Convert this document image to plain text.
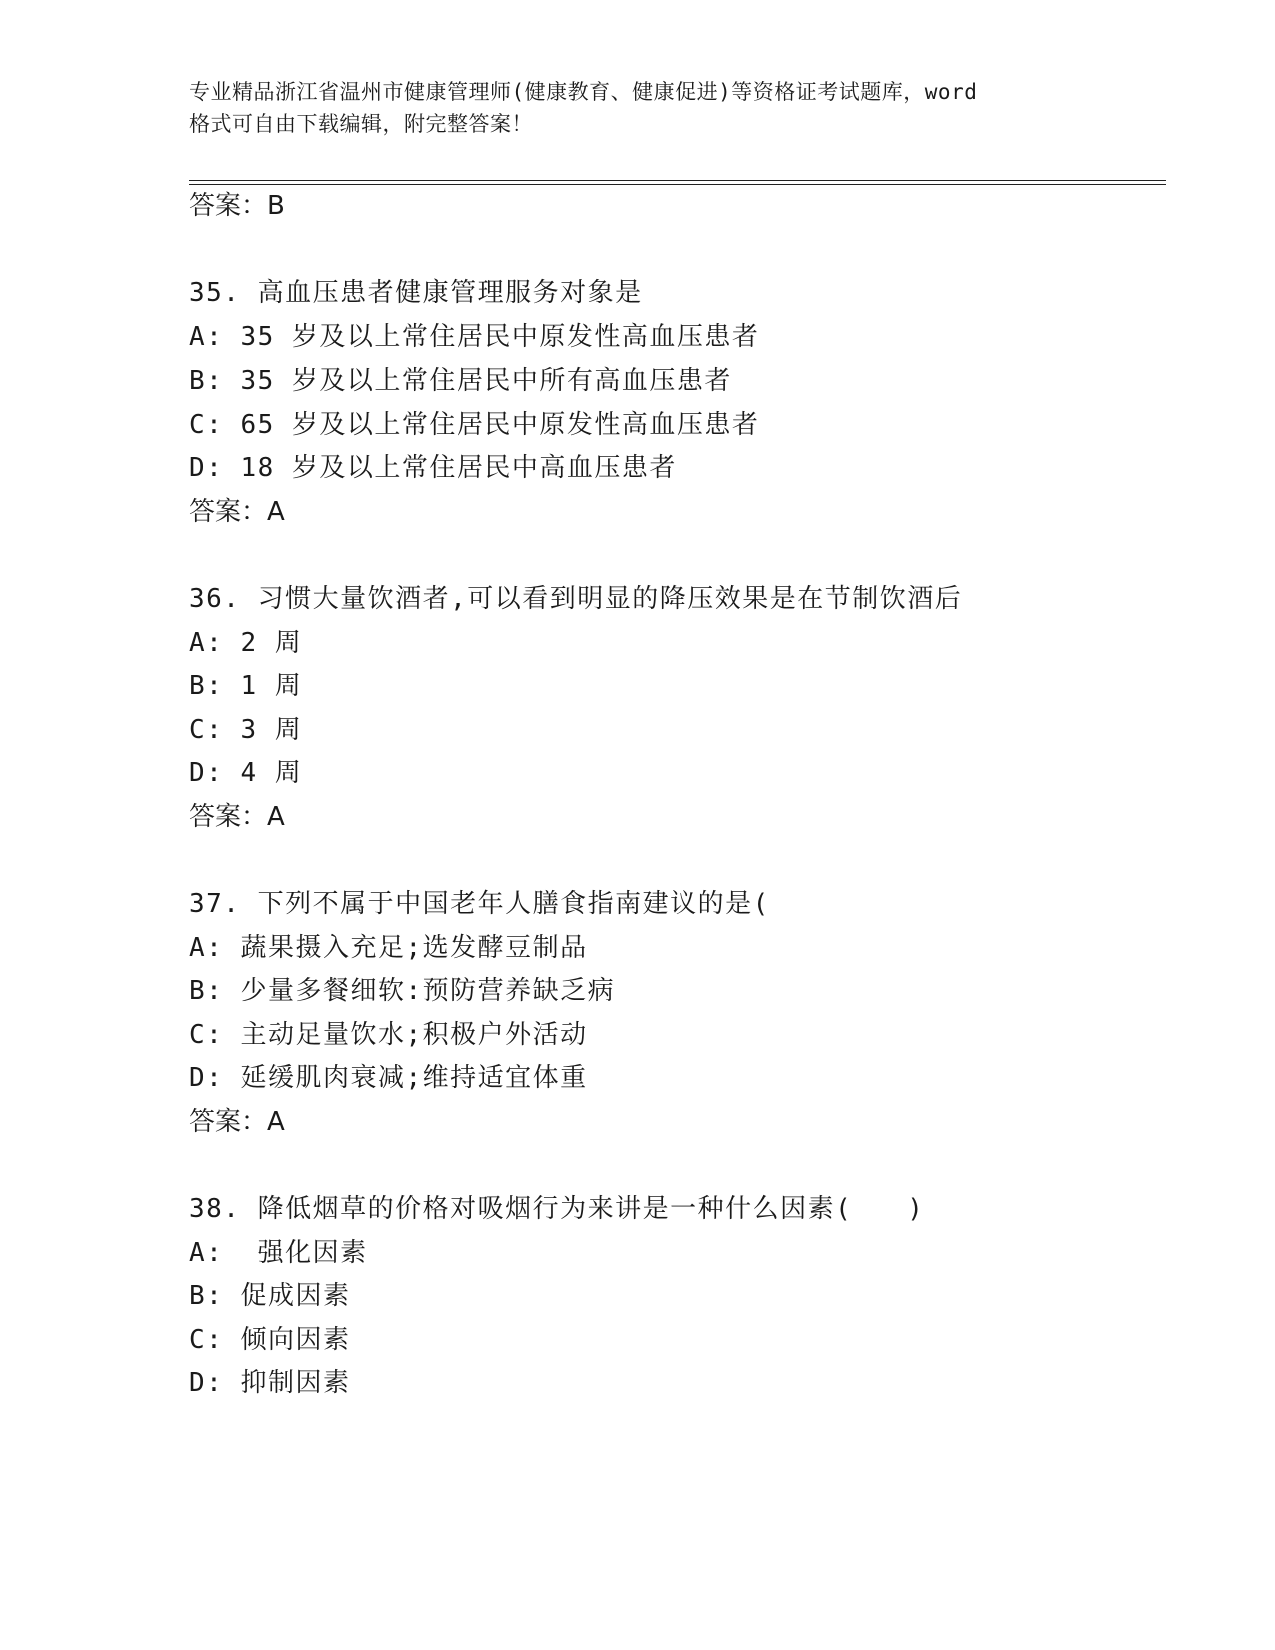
专业精品浙江省温州市健康管理师(健康教育、健康促进)等资格证考试题库，word
格式可自由下载编辑，附完整答案！
答案：B
35. 高血压患者健康管理服务对象是
A: 35 岁及以上常住居民中原发性高血压患者
B: 35 岁及以上常住居民中所有高血压患者
C: 65 岁及以上常住居民中原发性高血压患者
D: 18 岁及以上常住居民中高血压患者
答案：A
36. 习惯大量饮酒者,可以看到明显的降压效果是在节制饮酒后
A: 2 周
B: 1 周
C: 3 周
D: 4 周
答案：A
37. 下列不属于中国老年人膳食指南建议的是(
A: 蔬果摄入充足;选发酵豆制品
B: 少量多餐细软:预防营养缺乏病
C: 主动足量饮水;积极户外活动
D: 延缓肌肉衰减;维持适宜体重
答案：A
38. 降低烟草的价格对吸烟行为来讲是一种什么因素(　　)
A:  强化因素
B: 促成因素
C: 倾向因素
D: 抑制因素
